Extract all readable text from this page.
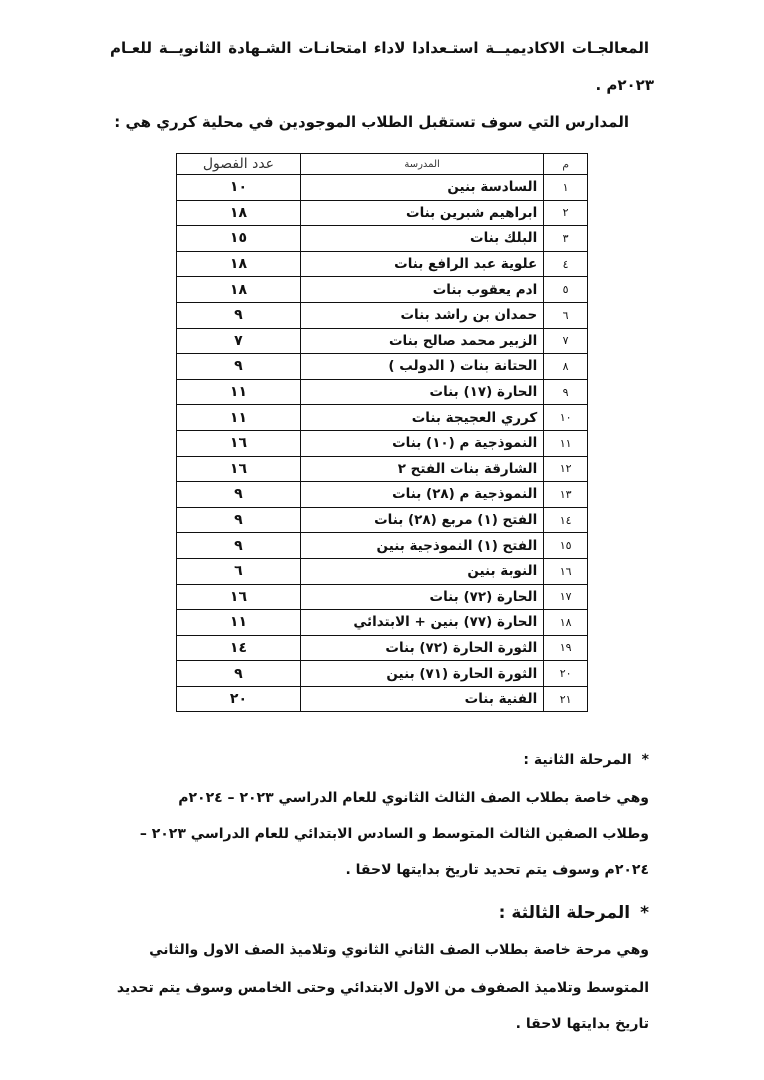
المعالجـات الاكاديميــة استـعدادا لاداء امتحانـات الشـهادة الثانويــة للعـام
٢٠٢٣م .
المدارس التي سوف تستقبل الطلاب الموجودين في محلية كرري هي :
م	المدرسة	عدد الفصول
١	السادسة بنين	١٠
٢	ابراهيم شبرين بنات	١٨
٣	البلك بنات	١٥
٤	علوية عبد الرافع بنات	١٨
٥	ادم يعقوب بنات	١٨
٦	حمدان بن راشد بنات	٩
٧	الزبير محمد صالح بنات	٧
٨	الحتانة بنات ( الدولب )	٩
٩	الحارة (١٧) بنات	١١
١٠	كرري العجيجة بنات	١١
١١	النموذجية م (١٠) بنات	١٦
١٢	الشارقة بنات الفتح ٢	١٦
١٣	النموذجية م (٢٨) بنات	٩
١٤	الفتح (١) مربع (٢٨) بنات	٩
١٥	الفتح (١) النموذجية بنين	٩
١٦	النوبة بنين	٦
١٧	الحارة (٧٢) بنات	١٦
١٨	الحارة (٧٧) بنين + الابتدائي	١١
١٩	الثورة الحارة (٧٢) بنات	١٤
٢٠	الثورة الحارة (٧١) بنين	٩
٢١	الفنية بنات	٢٠
*المرحلة الثانية :
وهي خاصة بطلاب الصف الثالث الثانوي للعام الدراسي ٢٠٢٣ – ٢٠٢٤م
وطلاب الصفين الثالث المتوسط و السادس الابتدائي للعام الدراسي ٢٠٢٣ –
٢٠٢٤م وسوف يتم تحديد تاريخ بدايتها لاحقا .
*المرحلة الثالثة :
وهي مرحة خاصة بطلاب الصف الثاني الثانوي وتلاميذ الصف الاول والثاني
المتوسط وتلاميذ الصفوف من الاول الابتدائي وحتى الخامس وسوف يتم تحديد
تاريخ بدايتها لاحقا .
